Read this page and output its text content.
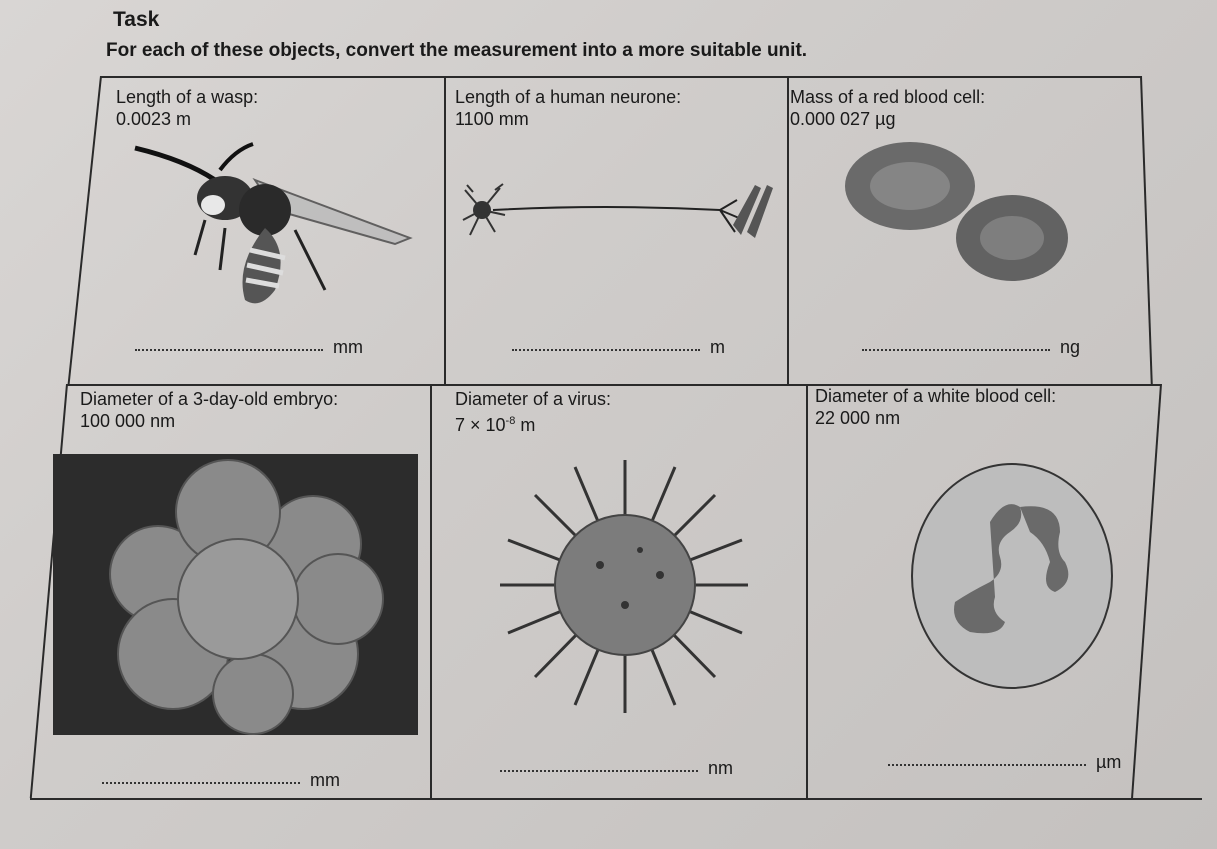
Task
For each of these objects, convert the measurement into a more suitable unit.
Length of a wasp:
0.0023 m
mm
Length of a human neurone:
1100 mm
m
Mass of a red blood cell:
0.000 027 µg
ng
Diameter of a 3-day-old embryo:
100 000 nm
mm
Diameter of a virus:
$7 \times 10^{-8}$ m
nm
Diameter of a white blood cell:
22 000 nm
µm
